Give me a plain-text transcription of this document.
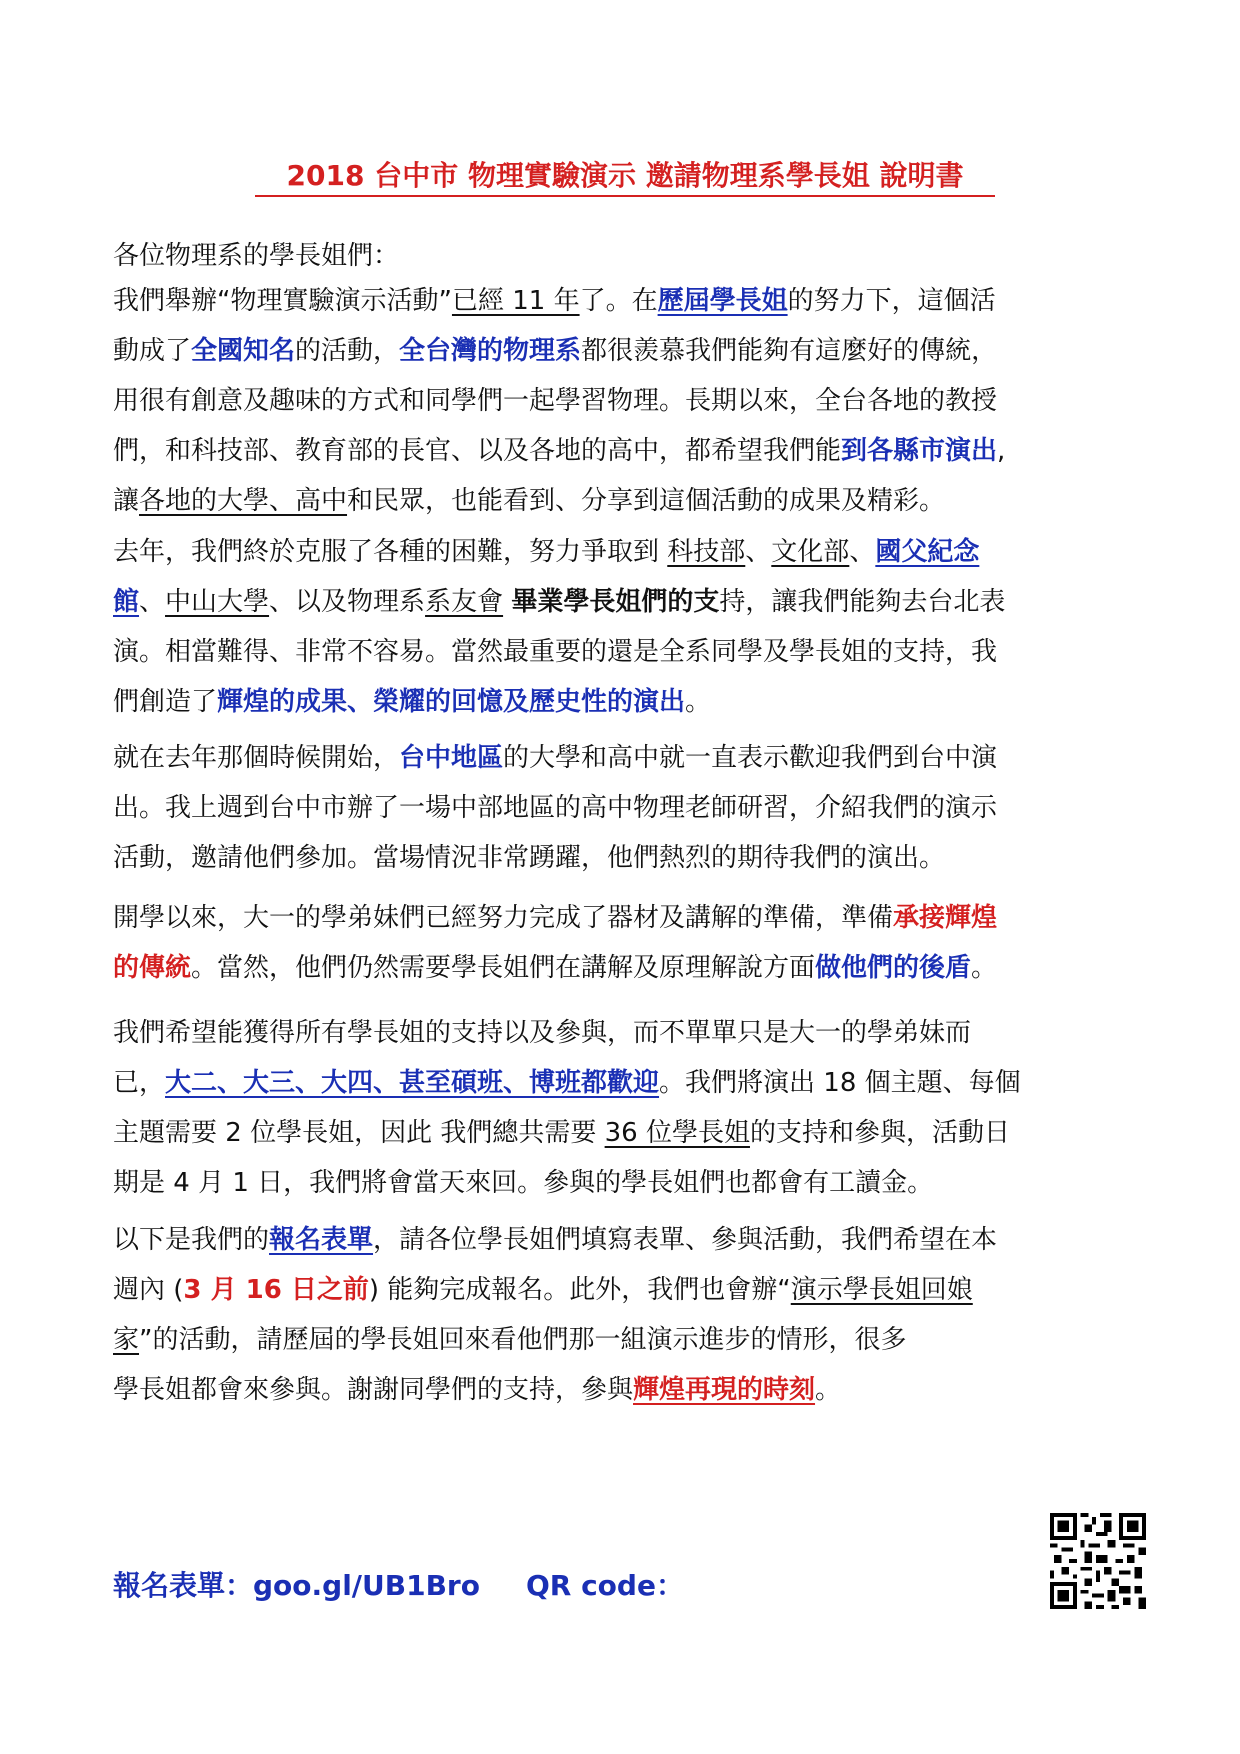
2018 台中市 物理實驗演示 邀請物理系學長姐 說明書
各位物理系的學長姐們：
我們舉辦“物理實驗演示活動”已經 11 年了。在歷屆學長姐的努力下，這個活
動成了全國知名的活動，全台灣的物理系都很羨慕我們能夠有這麼好的傳統，
用很有創意及趣味的方式和同學們一起學習物理。長期以來，全台各地的教授
們，和科技部、教育部的長官、以及各地的高中，都希望我們能到各縣市演出,
讓各地的大學、高中和民眾，也能看到、分享到這個活動的成果及精彩。
去年，我們終於克服了各種的困難，努力爭取到 科技部、文化部、國父紀念
館、中山大學、以及物理系系友會 畢業學長姐們的支持，讓我們能夠去台北表
演。相當難得、非常不容易。當然最重要的還是全系同學及學長姐的支持，我
們創造了輝煌的成果、榮耀的回憶及歷史性的演出。
就在去年那個時候開始，台中地區的大學和高中就一直表示歡迎我們到台中演
出。我上週到台中市辦了一場中部地區的高中物理老師研習，介紹我們的演示
活動，邀請他們參加。當場情況非常踴躍，他們熱烈的期待我們的演出。
開學以來，大一的學弟妹們已經努力完成了器材及講解的準備，準備承接輝煌
的傳統。當然，他們仍然需要學長姐們在講解及原理解說方面做他們的後盾。
我們希望能獲得所有學長姐的支持以及參與，而不單單只是大一的學弟妹而
已，大二、大三、大四、甚至碩班、博班都歡迎。我們將演出 18 個主題、每個
主題需要 2 位學長姐，因此 我們總共需要 36 位學長姐的支持和參與，活動日
期是 4 月 1 日，我們將會當天來回。參與的學長姐們也都會有工讀金。
以下是我們的報名表單，請各位學長姐們填寫表單、參與活動，我們希望在本
週內 (3 月 16 日之前) 能夠完成報名。此外，我們也會辦“演示學長姐回娘
家”的活動，請歷屆的學長姐回來看他們那一組演示進步的情形，很多
學長姐都會來參與。謝謝同學們的支持，參與輝煌再現的時刻。
報名表單：goo.gl/UB1Bro QR code：
